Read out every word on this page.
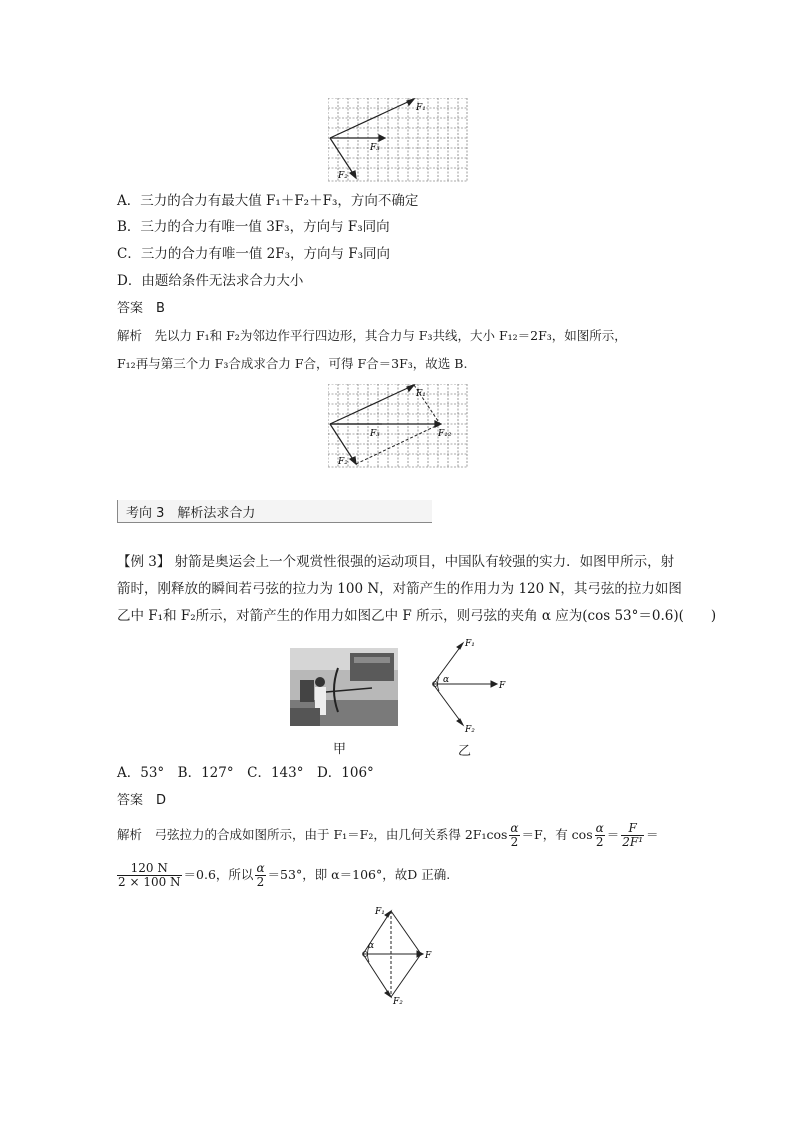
F₁
F₃
F₂
A．三力的合力有最大值 F₁＋F₂＋F₃，方向不确定
B．三力的合力有唯一值 3F₃，方向与 F₃同向
C．三力的合力有唯一值 2F₃，方向与 F₃同向
D．由题给条件无法求合力大小
答案　B
解析　先以力 F₁和 F₂为邻边作平行四边形，其合力与 F₃共线，大小 F₁₂＝2F₃，如图所示，
F₁₂再与第三个力 F₃合成求合力 F合，可得 F合＝3F₃，故选 B.
F₁
F₃	F₁₂
F₂
考向 3　解析法求合力
【例 3】 射箭是奥运会上一个观赏性很强的运动项目，中国队有较强的实力．如图甲所示，射
箭时，刚释放的瞬间若弓弦的拉力为 100 N，对箭产生的作用力为 120 N，其弓弦的拉力如图
乙中 F₁和 F₂所示，对箭产生的作用力如图乙中 F 所示，则弓弦的夹角 α 应为(cos 53°＝0.6)(　　)
甲
F₁
α
F
F₂
乙
A．53°　B．127°　C．143°　D．106°
答案　D
解析　弓弦拉力的合成如图所示，由于 F₁＝F₂，由几何关系得 $2F_1\cos \frac{\alpha}{2} =F$，有 $\cos \frac{\alpha}{2} = \frac{F}{\text{2F¹}}$ ＝
$\frac{120 N}{2 \times 100 N} =0.6$，所以 $\frac{\alpha}{2} =53^\circ$，即 α＝106°，故D 正确.
F₁
α
F
F₂
